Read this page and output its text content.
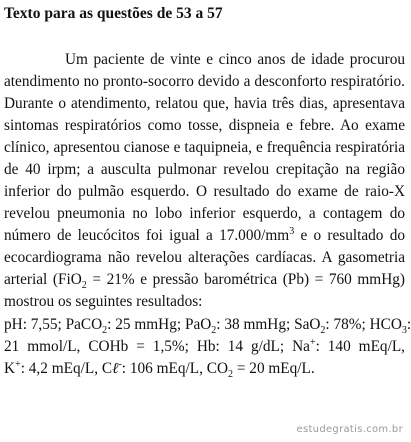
Texto para as questões de 53 a 57
Um paciente de vinte e cinco anos de idade procurou
atendimento no pronto-socorro devido a desconforto respiratório.
Durante o atendimento, relatou que, havia três dias, apresentava
sintomas respiratórios como tosse, dispneia e febre. Ao exame
clínico, apresentou cianose e taquipneia, e frequência respiratória
de 40 irpm; a ausculta pulmonar revelou crepitação na região
inferior do pulmão esquerdo. O resultado do exame de raio-X
revelou pneumonia no lobo inferior esquerdo, a contagem do
número de leucócitos foi igual a $17.000/mm^3$ e o resultado do
ecocardiograma não revelou alterações cardíacas. A gasometria
arterial (FiO$_2$ = 21% e pressão barométrica (Pb) = 760 mmHg)
mostrou os seguintes resultados:
pH: 7,55; PaCO$_2$: 25 mmHg; PaO$_2$: 38 mmHg; SaO$_2$: 78%; $HCO_3$:
21 mmol/L, COHb = 1,5%; Hb: 14 g/dL; Na+: 140 mEq/L,
K+: 4,2 mEq/L, Cℓ-: 106 mEq/L, $CO_2 = 20$ mEq/L.
estudegratis.com.br
